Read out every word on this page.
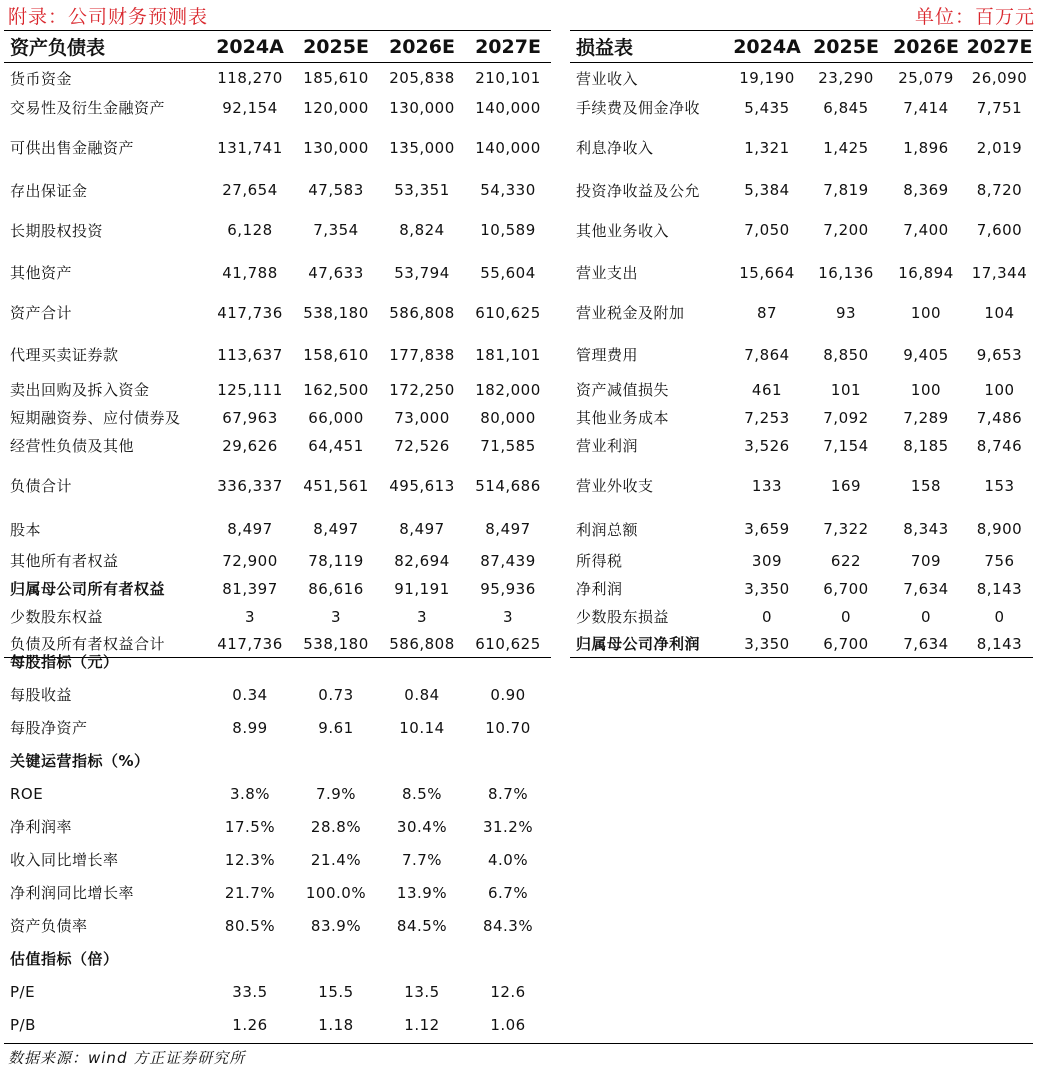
附录：公司财务预测表	单位：百万元
资产负债表	2024A	2025E	2026E	2027E
货币资金	118,270	185,610	205,838	210,101
交易性及衍生金融资产	92,154	120,000	130,000	140,000
可供出售金融资产	131,741	130,000	135,000	140,000
存出保证金	27,654	47,583	53,351	54,330
长期股权投资	6,128	7,354	8,824	10,589
其他资产	41,788	47,633	53,794	55,604
资产合计	417,736	538,180	586,808	610,625
代理买卖证券款	113,637	158,610	177,838	181,101
卖出回购及拆入资金	125,111	162,500	172,250	182,000
短期融资券、应付债券及	67,963	66,000	73,000	80,000
经营性负债及其他	29,626	64,451	72,526	71,585
负债合计	336,337	451,561	495,613	514,686
股本	8,497	8,497	8,497	8,497
其他所有者权益	72,900	78,119	82,694	87,439
归属母公司所有者权益	81,397	86,616	91,191	95,936
少数股东权益	3	3	3	3
负债及所有者权益合计	417,736	538,180	586,808	610,625
损益表	2024A	2025E	2026E	2027E
营业收入	19,190	23,290	25,079	26,090
手续费及佣金净收	5,435	6,845	7,414	7,751
利息净收入	1,321	1,425	1,896	2,019
投资净收益及公允	5,384	7,819	8,369	8,720
其他业务收入	7,050	7,200	7,400	7,600
营业支出	15,664	16,136	16,894	17,344
营业税金及附加	87	93	100	104
管理费用	7,864	8,850	9,405	9,653
资产减值损失	461	101	100	100
其他业务成本	7,253	7,092	7,289	7,486
营业利润	3,526	7,154	8,185	8,746
营业外收支	133	169	158	153
利润总额	3,659	7,322	8,343	8,900
所得税	309	622	709	756
净利润	3,350	6,700	7,634	8,143
少数股东损益	0	0	0	0
归属母公司净利润	3,350	6,700	7,634	8,143
每股指标（元）				
每股收益	0.34	0.73	0.84	0.90
每股净资产	8.99	9.61	10.14	10.70
关键运营指标（%）				
ROE	3.8%	7.9%	8.5%	8.7%
净利润率	17.5%	28.8%	30.4%	31.2%
收入同比增长率	12.3%	21.4%	7.7%	4.0%
净利润同比增长率	21.7%	100.0%	13.9%	6.7%
资产负债率	80.5%	83.9%	84.5%	84.3%
估值指标（倍）				
P/E	33.5	15.5	13.5	12.6
P/B	1.26	1.18	1.12	1.06
数据来源：wind 方正证券研究所
